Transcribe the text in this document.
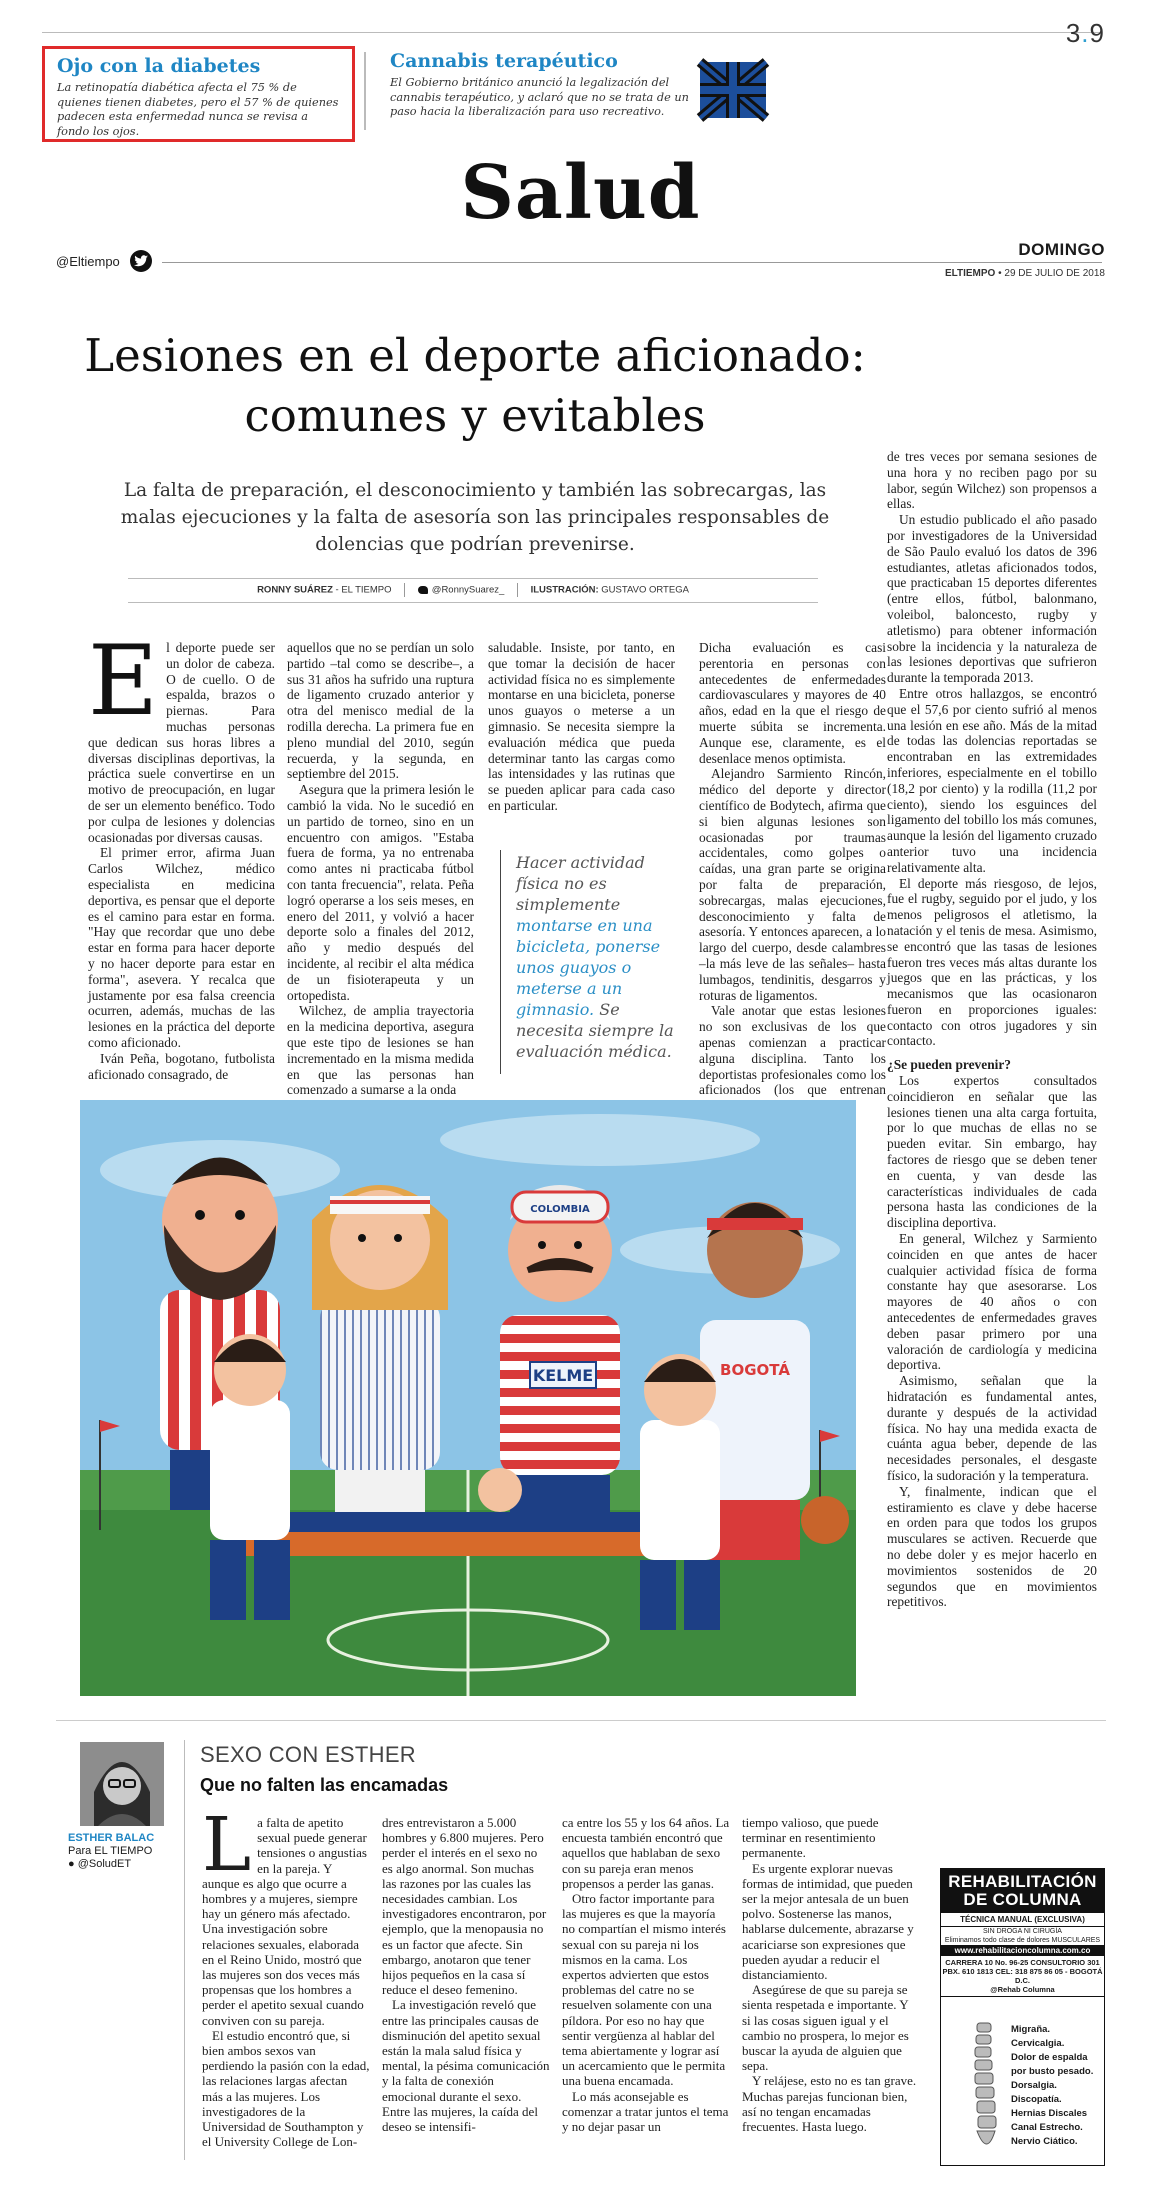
3.9
Ojo con la diabetes
La retinopatía diabética afecta el 75 % de quienes tienen diabetes, pero el 57 % de quienes padecen esta enfermedad nunca se revisa a fondo los ojos.
Cannabis terapéutico
El Gobierno británico anunció la legalización del cannabis terapéutico, y aclaró que no se trata de un paso hacia la liberalización para uso recreativo.
Salud
@Eltiempo
DOMINGO
ELTIEMPO • 29 DE JULIO DE 2018
Lesiones en el deporte aficionado: comunes y evitables
La falta de preparación, el desconocimiento y también las sobrecargas, las malas ejecuciones y la falta de asesoría son las principales responsables de dolencias que podrían prevenirse.
RONNY SUÁREZ - EL TIEMPO	@RonnySuarez_	ILUSTRACIÓN: GUSTAVO ORTEGA
E l deporte puede ser un dolor de cabeza. O de cuello. O de espalda, brazos o piernas. Para muchas personas que dedican sus horas libres a diversas disciplinas deportivas, la práctica suele convertirse en un motivo de preocupación, en lugar de ser un elemento benéfico. Todo por culpa de lesiones y dolencias ocasionadas por diversas causas.

El primer error, afirma Juan Carlos Wilchez, médico especialista en medicina deportiva, es pensar que el deporte es el camino para estar en forma. "Hay que recordar que uno debe estar en forma para hacer deporte y no hacer deporte para estar en forma", asevera. Y recalca que justamente por esa falsa creencia ocurren, además, muchas de las lesiones en la práctica del deporte como aficionado.

Iván Peña, bogotano, futbolista aficionado consagrado, de

aquellos que no se perdían un solo partido –tal como se describe–, a sus 31 años ha sufrido una ruptura de ligamento cruzado anterior y otra del menisco medial de la rodilla derecha. La primera fue en pleno mundial del 2010, según recuerda, y la segunda, en septiembre del 2015.

Asegura que la primera lesión le cambió la vida. No le sucedió en un partido de torneo, sino en un encuentro con amigos. "Estaba fuera de forma, ya no entrenaba como antes ni practicaba fútbol con tanta frecuencia", relata. Peña logró operarse a los seis meses, en enero del 2011, y volvió a hacer deporte solo a finales del 2012, año y medio después del incidente, al recibir el alta médica de un fisioterapeuta y un ortopedista.

Wilchez, de amplia trayectoria en la medicina deportiva, asegura que este tipo de lesiones se han incrementado en la misma medida en que las personas han comenzado a sumarse a la onda

saludable. Insiste, por tanto, en que tomar la decisión de hacer actividad física no es simplemente montarse en una bicicleta, ponerse unos guayos o meterse a un gimnasio. Se necesita siempre la evaluación médica que pueda determinar tanto las cargas como las intensidades y las rutinas que se pueden aplicar para cada caso en particular.

Hacer actividad física no es simplemente montarse en una bicicleta, ponerse unos guayos o meterse a un gimnasio. Se necesita siempre la evaluación médica.

Dicha evaluación es casi perentoria en personas con antecedentes de enfermedades cardiovasculares y mayores de 40 años, edad en la que el riesgo de muerte súbita se incrementa. Aunque ese, claramente, es el desenlace menos optimista.

Alejandro Sarmiento Rincón, médico del deporte y director científico de Bodytech, afirma que si bien algunas lesiones son ocasionadas por traumas accidentales, como golpes o caídas, una gran parte se origina por falta de preparación, sobrecargas, malas ejecuciones, desconocimiento y falta de asesoría. Y entonces aparecen, a lo largo del cuerpo, desde calambres –la más leve de las señales– hasta lumbagos, tendinitis, desgarros y roturas de ligamentos.

Vale anotar que estas lesiones no son exclusivas de los que apenas comienzan a practicar alguna disciplina. Tanto los deportistas profesionales como los aficionados (los que entrenan

de tres veces por semana sesiones de una hora y no reciben pago por su labor, según Wilchez) son propensos a ellas.

Un estudio publicado el año pasado por investigadores de la Universidad de São Paulo evaluó los datos de 396 estudiantes, atletas aficionados todos, que practicaban 15 deportes diferentes (entre ellos, fútbol, balonmano, voleibol, baloncesto, rugby y atletismo) para obtener información sobre la incidencia y la naturaleza de las lesiones deportivas que sufrieron durante la temporada 2013.

Entre otros hallazgos, se encontró que el 57,6 por ciento sufrió al menos una lesión en ese año. Más de la mitad de todas las dolencias reportadas se encontraban en las extremidades inferiores, especialmente en el tobillo (18,2 por ciento) y la rodilla (11,2 por ciento), siendo los esguinces del ligamento del tobillo los más comunes, aunque la lesión del ligamento cruzado anterior tuvo una incidencia relativamente alta.

El deporte más riesgoso, de lejos, fue el rugby, seguido por el judo, y los menos peligrosos el atletismo, la natación y el tenis de mesa. Asimismo, se encontró que las tasas de lesiones fueron tres veces más altas durante los juegos que en las prácticas, y los mecanismos que las ocasionaron fueron en proporciones iguales: contacto con otros jugadores y sin contacto.

¿Se pueden prevenir?

Los expertos consultados coincidieron en señalar que las lesiones tienen una alta carga fortuita, por lo que muchas de ellas no se pueden evitar. Sin embargo, hay factores de riesgo que se deben tener en cuenta, y van desde las características individuales de cada persona hasta las condiciones de la disciplina deportiva.

En general, Wilchez y Sarmiento coinciden en que antes de hacer cualquier actividad física de forma constante hay que asesorarse. Los mayores de 40 años o con antecedentes de enfermedades graves deben pasar primero por una valoración de cardiología y medicina deportiva.

Asimismo, señalan que la hidratación es fundamental antes, durante y después de la actividad física. No hay una medida exacta de cuánta agua beber, depende de las necesidades personales, el desgaste físico, la sudoración y la temperatura.

Y, finalmente, indican que el estiramiento es clave y debe hacerse en orden para que todos los grupos musculares se activen. Recuerde que no debe doler y es mejor hacerlo en movimientos sostenidos de 20 segundos que en movimientos repetitivos.

KELME
COLOMBIA
BOGOTÁ
ESTHER BALAC
Para EL TIEMPO
● @SoludET
SEXO CON ESTHER
Que no falten las encamadas
L a falta de apetito sexual puede generar tensiones o angustias en la pareja. Y aunque es algo que ocurre a hombres y a mujeres, siempre hay un género más afectado. Una investigación sobre relaciones sexuales, elaborada en el Reino Unido, mostró que las mujeres son dos veces más propensas que los hombres a perder el apetito sexual cuando conviven con su pareja.

El estudio encontró que, si bien ambos sexos van perdiendo la pasión con la edad, las relaciones largas afectan más a las mujeres. Los investigadores de la Universidad de Southampton y el University College de Lon-

dres entrevistaron a 5.000 hombres y 6.800 mujeres. Pero perder el interés en el sexo no es algo anormal. Son muchas las razones por las cuales las necesidades cambian. Los investigadores encontraron, por ejemplo, que la menopausia no es un factor que afecte. Sin embargo, anotaron que tener hijos pequeños en la casa sí reduce el deseo femenino.

La investigación reveló que entre las principales causas de disminución del apetito sexual están la mala salud física y mental, la pésima comunicación y la falta de conexión emocional durante el sexo. Entre las mujeres, la caída del deseo se intensifi-

ca entre los 55 y los 64 años. La encuesta también encontró que aquellos que hablaban de sexo con su pareja eran menos propensos a perder las ganas.

Otro factor importante para las mujeres es que la mayoría no compartían el mismo interés sexual con su pareja ni los mismos en la cama. Los expertos advierten que estos problemas del catre no se resuelven solamente con una píldora. Por eso no hay que sentir vergüenza al hablar del tema abiertamente y lograr así un acercamiento que le permita una buena encamada.

Lo más aconsejable es comenzar a tratar juntos el tema y no dejar pasar un

tiempo valioso, que puede terminar en resentimiento permanente.

Es urgente explorar nuevas formas de intimidad, que pueden ser la mejor antesala de un buen polvo. Sostenerse las manos, hablarse dulcemente, abrazarse y acariciarse son expresiones que pueden ayudar a reducir el distanciamiento.

Asegúrese de que su pareja se sienta respetada e importante. Y si las cosas siguen igual y el cambio no prospera, lo mejor es buscar la ayuda de alguien que sepa.

Y relájese, esto no es tan grave. Muchas parejas funcionan bien, así no tengan encamadas frecuentes. Hasta luego.

REHABILITACIÓN DE COLUMNA
TÉCNICA MANUAL (EXCLUSIVA)
SIN DROGA NI CIRUGÍA
Eliminamos todo clase de dolores MUSCULARES
www.rehabilitacioncolumna.com.co
CARRERA 10 No. 96-25 CONSULTORIO 301
PBX. 610 1813 CEL: 318 875 86 05 - BOGOTÁ D.C.
@Rehab Columna
Migraña.
Cervicalgia.
Dolor de espalda
por busto pesado.
Dorsalgia.
Discopatía.
Hernias Discales
Canal Estrecho.
Nervio Ciático.
